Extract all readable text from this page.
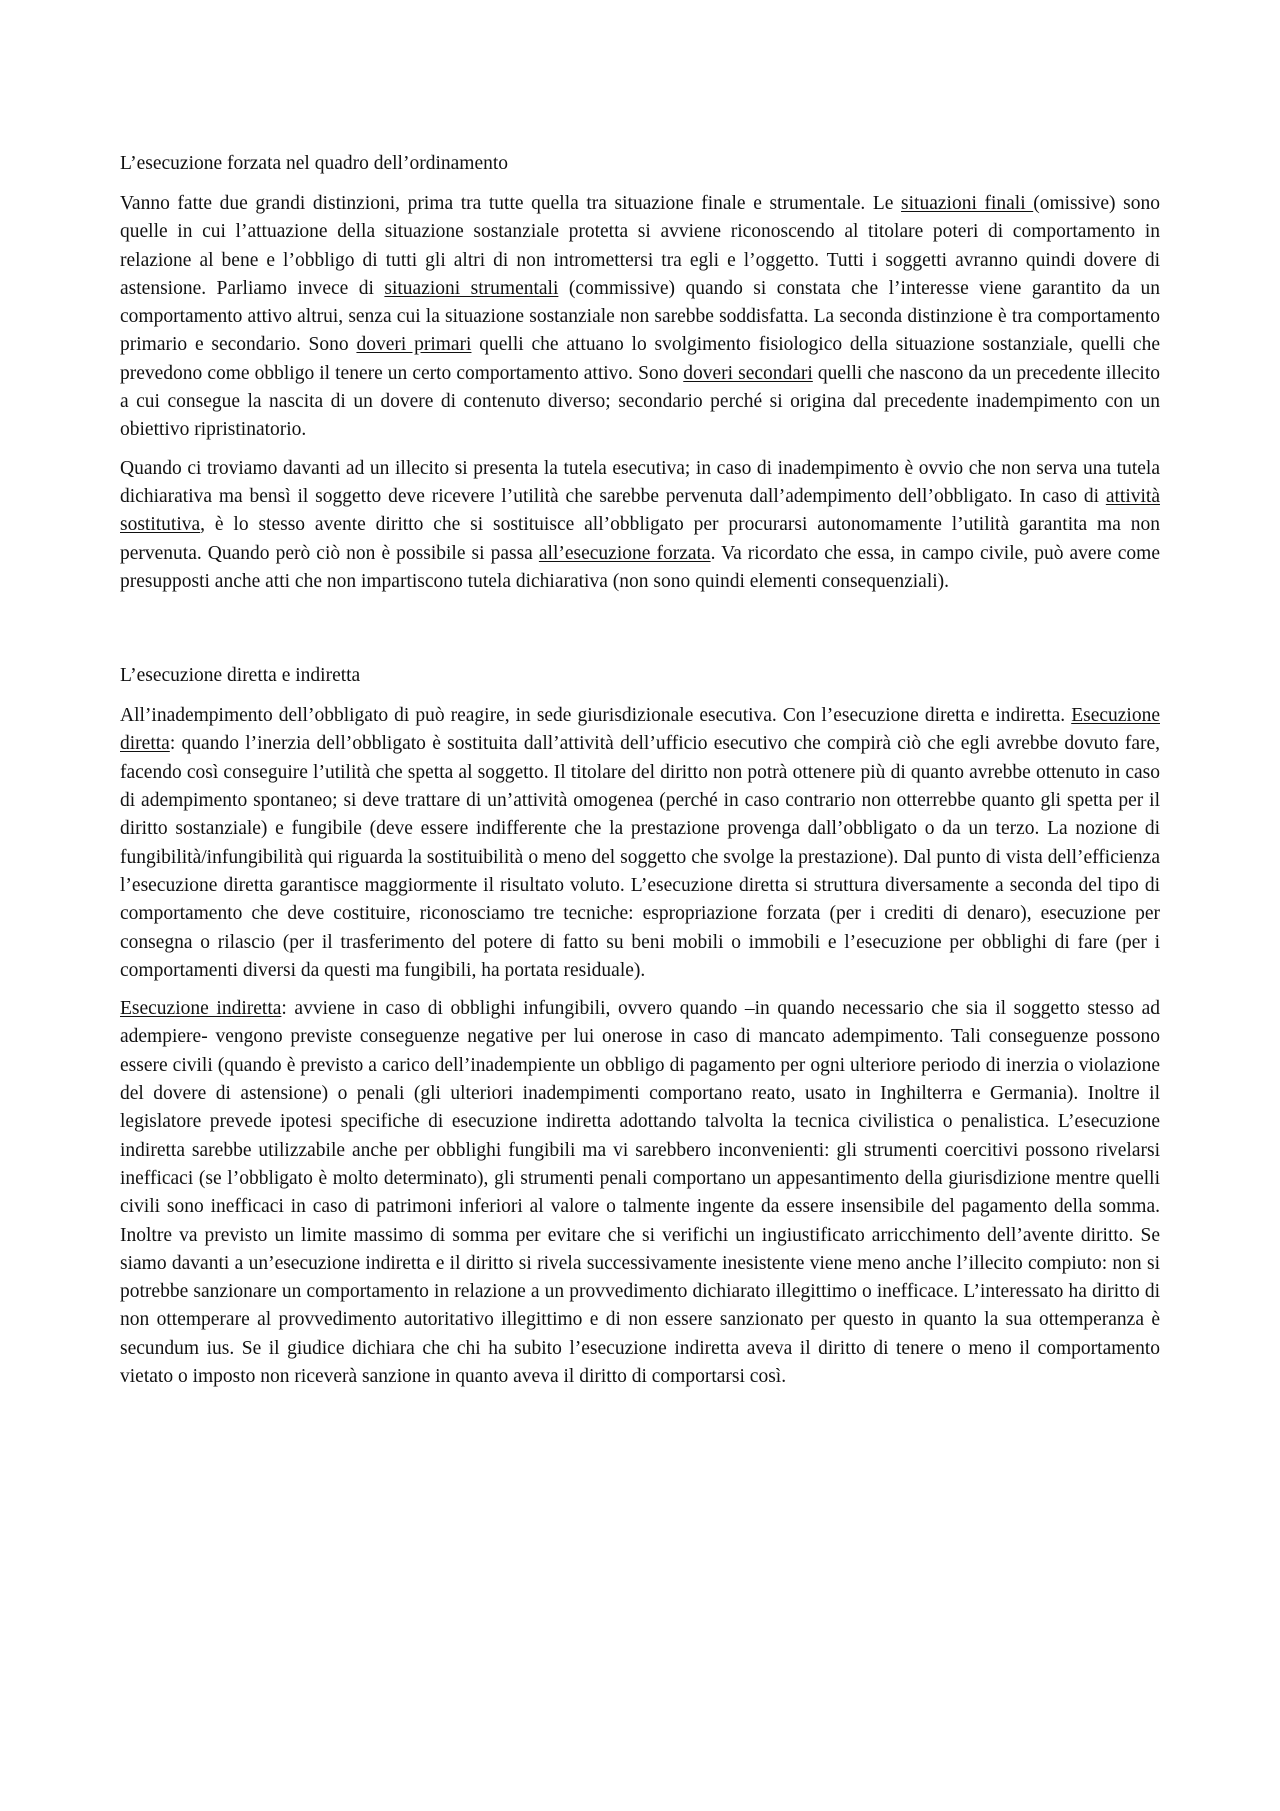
L’esecuzione forzata nel quadro dell’ordinamento

Vanno fatte due grandi distinzioni, prima tra tutte quella tra situazione finale e strumentale. Le situazioni finali (omissive) sono quelle in cui l’attuazione della situazione sostanziale protetta si avviene riconoscendo al titolare poteri di comportamento in relazione al bene e l’obbligo di tutti gli altri di non intromettersi tra egli e l’oggetto. Tutti i soggetti avranno quindi dovere di astensione. Parliamo invece di situazioni strumentali (commissive) quando si constata che l’interesse viene garantito da un comportamento attivo altrui, senza cui la situazione sostanziale non sarebbe soddisfatta. La seconda distinzione è tra comportamento primario e secondario. Sono doveri primari quelli che attuano lo svolgimento fisiologico della situazione sostanziale, quelli che prevedono come obbligo il tenere un certo comportamento attivo. Sono doveri secondari quelli che nascono da un precedente illecito a cui consegue la nascita di un dovere di contenuto diverso; secondario perché si origina dal precedente inadempimento con un obiettivo ripristinatorio.

Quando ci troviamo davanti ad un illecito si presenta la tutela esecutiva; in caso di inadempimento è ovvio che non serva una tutela dichiarativa ma bensì il soggetto deve ricevere l’utilità che sarebbe pervenuta dall’adempimento dell’obbligato. In caso di attività sostitutiva, è lo stesso avente diritto che si sostituisce all’obbligato per procurarsi autonomamente l’utilità garantita ma non pervenuta. Quando però ciò non è possibile si passa all’esecuzione forzata. Va ricordato che essa, in campo civile, può avere come presupposti anche atti che non impartiscono tutela dichiarativa (non sono quindi elementi consequenziali).

L’esecuzione diretta e indiretta

All’inadempimento dell’obbligato di può reagire, in sede giurisdizionale esecutiva. Con l’esecuzione diretta e indiretta. Esecuzione diretta: quando l’inerzia dell’obbligato è sostituita dall’attività dell’ufficio esecutivo che compirà ciò che egli avrebbe dovuto fare, facendo così conseguire l’utilità che spetta al soggetto. Il titolare del diritto non potrà ottenere più di quanto avrebbe ottenuto in caso di adempimento spontaneo; si deve trattare di un’attività omogenea (perché in caso contrario non otterrebbe quanto gli spetta per il diritto sostanziale) e fungibile (deve essere indifferente che la prestazione provenga dall’obbligato o da un terzo. La nozione di fungibilità/infungibilità qui riguarda la sostituibilità o meno del soggetto che svolge la prestazione). Dal punto di vista dell’efficienza l’esecuzione diretta garantisce maggiormente il risultato voluto. L’esecuzione diretta si struttura diversamente a seconda del tipo di comportamento che deve costituire, riconosciamo tre tecniche: espropriazione forzata (per i crediti di denaro), esecuzione per consegna o rilascio (per il trasferimento del potere di fatto su beni mobili o immobili e l’esecuzione per obblighi di fare (per i comportamenti diversi da questi ma fungibili, ha portata residuale).

Esecuzione indiretta: avviene in caso di obblighi infungibili, ovvero quando –in quando necessario che sia il soggetto stesso ad adempiere- vengono previste conseguenze negative per lui onerose in caso di mancato adempimento. Tali conseguenze possono essere civili (quando è previsto a carico dell’inadempiente un obbligo di pagamento per ogni ulteriore periodo di inerzia o violazione del dovere di astensione) o penali (gli ulteriori inadempimenti comportano reato, usato in Inghilterra e Germania). Inoltre il legislatore prevede ipotesi specifiche di esecuzione indiretta adottando talvolta la tecnica civilistica o penalistica. L’esecuzione indiretta sarebbe utilizzabile anche per obblighi fungibili ma vi sarebbero inconvenienti: gli strumenti coercitivi possono rivelarsi inefficaci (se l’obbligato è molto determinato), gli strumenti penali comportano un appesantimento della giurisdizione mentre quelli civili sono inefficaci in caso di patrimoni inferiori al valore o talmente ingente da essere insensibile del pagamento della somma. Inoltre va previsto un limite massimo di somma per evitare che si verifichi un ingiustificato arricchimento dell’avente diritto. Se siamo davanti a un’esecuzione indiretta e il diritto si rivela successivamente inesistente viene meno anche l’illecito compiuto: non si potrebbe sanzionare un comportamento in relazione a un provvedimento dichiarato illegittimo o inefficace. L’interessato ha diritto di non ottemperare al provvedimento autoritativo illegittimo e di non essere sanzionato per questo in quanto la sua ottemperanza è secundum ius. Se il giudice dichiara che chi ha subito l’esecuzione indiretta aveva il diritto di tenere o meno il comportamento vietato o imposto non riceverà sanzione in quanto aveva il diritto di comportarsi così.
